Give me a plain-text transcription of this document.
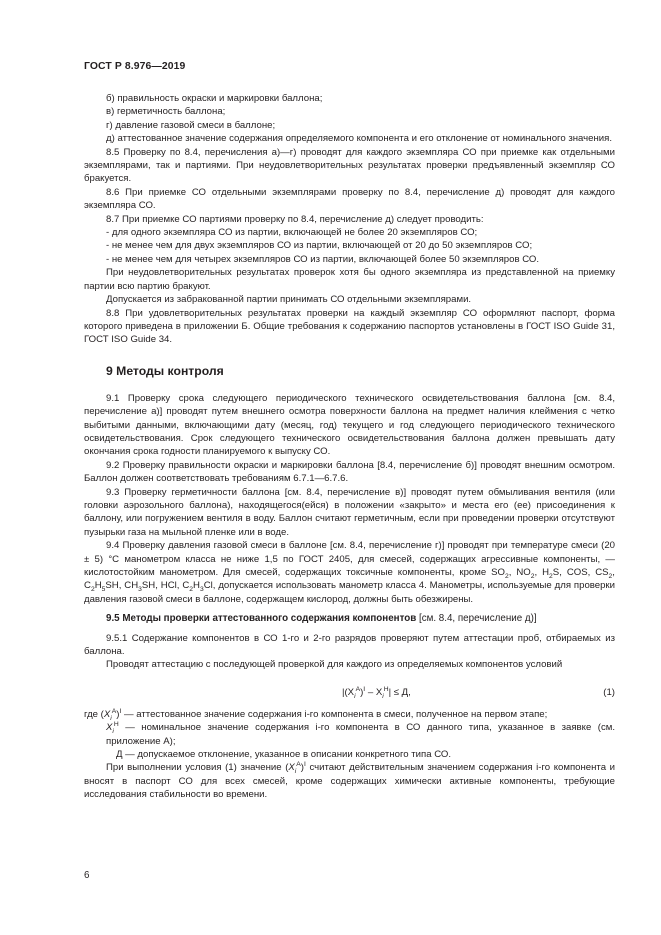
ГОСТ Р 8.976—2019

б) правильность окраски и маркировки баллона;

в) герметичность баллона;

г) давление газовой смеси в баллоне;

д) аттестованное значение содержания определяемого компонента и его отклонение от номинального значения.

8.5 Проверку по 8.4, перечисления а)—г) проводят для каждого экземпляра СО при приемке как отдельными экземплярами, так и партиями. При неудовлетворительных результатах проверки предъявленный экземпляр СО бракуется.

8.6 При приемке СО отдельными экземплярами проверку по 8.4, перечисление д) проводят для каждого экземпляра СО.

8.7 При приемке СО партиями проверку по 8.4, перечисление д) следует проводить:

- для одного экземпляра СО из партии, включающей не более 20 экземпляров СО;

- не менее чем для двух экземпляров СО из партии, включающей от 20 до 50 экземпляров СО;

- не менее чем для четырех экземпляров СО из партии, включающей более 50 экземпляров СО.

При неудовлетворительных результатах проверок хотя бы одного экземпляра из представленной на приемку партии всю партию бракуют.

Допускается из забракованной партии принимать СО отдельными экземплярами.

8.8 При удовлетворительных результатах проверки на каждый экземпляр СО оформляют паспорт, форма которого приведена в приложении Б. Общие требования к содержанию паспортов установлены в ГОСТ ISO Guide 31, ГОСТ ISO Guide 34.

9 Методы контроля

9.1 Проверку срока следующего периодического технического освидетельствования баллона [см. 8.4, перечисление а)] проводят путем внешнего осмотра поверхности баллона на предмет наличия клеймения с четко выбитыми данными, включающими дату (месяц, год) текущего и год следующего периодического технического освидетельствования. Срок следующего технического освидетельствования баллона должен превышать дату окончания срока годности планируемого к выпуску СО.

9.2 Проверку правильности окраски и маркировки баллона [8.4, перечисление б)] проводят внешним осмотром. Баллон должен соответствовать требованиям 6.7.1—6.7.6.

9.3 Проверку герметичности баллона [см. 8.4, перечисление в)] проводят путем обмыливания вентиля (или головки аэрозольного баллона), находящегося(ейся) в положении «закрыто» и места его (ее) присоединения к баллону, или погружением вентиля в воду. Баллон считают герметичным, если при проведении проверки отсутствуют пузырьки газа на мыльной пленке или в воде.

9.4 Проверку давления газовой смеси в баллоне [см. 8.4, перечисление г)] проводят при температуре смеси (20 ± 5) °С манометром класса не ниже 1,5 по ГОСТ 2405, для смесей, содержащих агрессивные компоненты, — кислотостойким манометром. Для смесей, содержащих токсичные компоненты, кроме $SO_2$, $NO_2$, $H_2S$, COS, $CS_2$, $C_2H_5SH$, $CH_3SH$, HCl, $C_2H_3Cl$, допускается использовать манометр класса 4. Манометры, используемые для проверки давления газовой смеси в баллоне, содержащем кислород, должны быть обезжирены.

9.5 Методы проверки аттестованного содержания компонентов [см. 8.4, перечисление д)]

9.5.1 Содержание компонентов в СО 1-го и 2-го разрядов проверяют путем аттестации проб, отбираемых из баллона.

Проводят аттестацию с последующей проверкой для каждого из определяемых компонентов условий

$|(X_i^A)^I - X_i^Н| \le Д$,	(1)

где $(X_i^A)^I$ — аттестованное значение содержания i-го компонента в смеси, полученное на первом этапе;

$X_i^Н$ — номинальное значение содержания i-го компонента в СО данного типа, указанное в заявке (см. приложение А);

Д — допускаемое отклонение, указанное в описании конкретного типа СО.

При выполнении условия (1) значение $(X_i^A)^I$ считают действительным значением содержания i-го компонента и вносят в паспорт СО для всех смесей, кроме содержащих химически активные компоненты, требующие исследования стабильности во времени.

6
